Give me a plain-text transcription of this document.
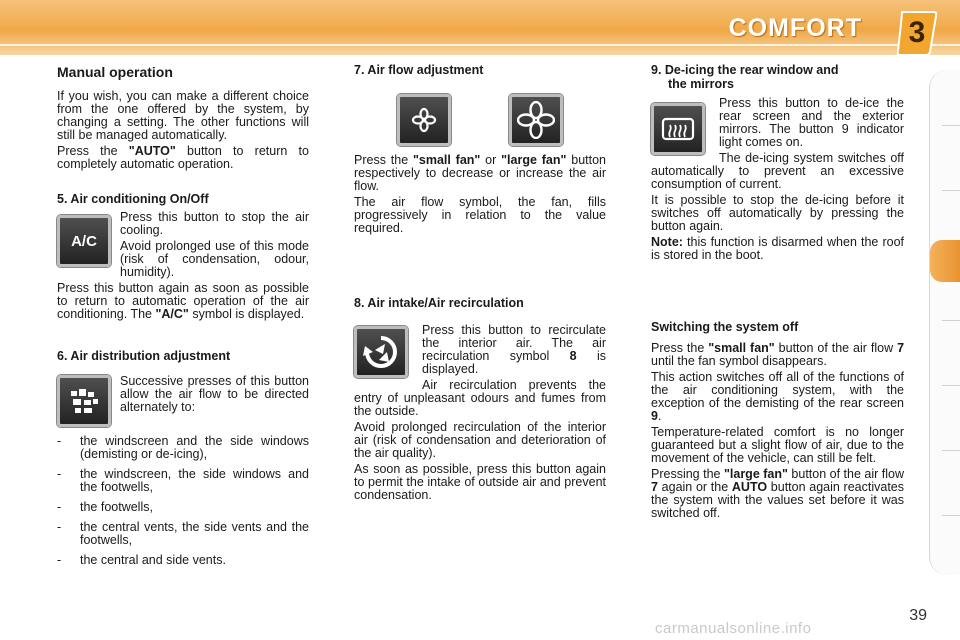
COMFORT	3
Manual operation

If you wish, you can make a different choice from the one offered by the system, by changing a setting. The other functions will still be managed automatically.

Press the "AUTO" button to return to completely automatic operation.

5. Air conditioning On/Off
A/C

Press this button to stop the air cooling.

Avoid prolonged use of this mode (risk of condensation, odour, humidity).

Press this button again as soon as possible to return to automatic operation of the air conditioning. The "A/C" symbol is displayed.

6. Air distribution adjustment

Successive presses of this button allow the air flow to be directed alternately to:

- the windscreen and the side windows (demisting or de-icing),
- the windscreen, the side windows and the footwells,
- the footwells,
- the central vents, the side vents and the footwells,
- the central and side vents.
7. Air flow adjustment

Press the "small fan" or "large fan" button respectively to decrease or increase the air flow.

The air flow symbol, the fan, fills progressively in relation to the value required.

8. Air intake/Air recirculation

Press this button to recirculate the interior air. The air recirculation symbol 8 is displayed.

Air recirculation prevents the entry of unpleasant odours and fumes from the outside.

Avoid prolonged recirculation of the interior air (risk of condensation and deterioration of the air quality).

As soon as possible, press this button again to permit the intake of outside air and prevent condensation.

9. De-icing the rear window and
the mirrors

Press this button to de-ice the rear screen and the exterior mirrors. The button 9 indicator light comes on.

The de-icing system switches off automatically to prevent an excessive consumption of current.

It is possible to stop the de-icing before it switches off automatically by pressing the button again.

Note: this function is disarmed when the roof is stored in the boot.

Switching the system off

Press the "small fan" button of the air flow 7 until the fan symbol disappears.

This action switches off all of the functions of the air conditioning system, with the exception of the demisting of the rear screen 9.

Temperature-related comfort is no longer guaranteed but a slight flow of air, due to the movement of the vehicle, can still be felt.

Pressing the "large fan" button of the air flow 7 again or the AUTO button again reactivates the system with the values set before it was switched off.

39
carmanualsonline.info
